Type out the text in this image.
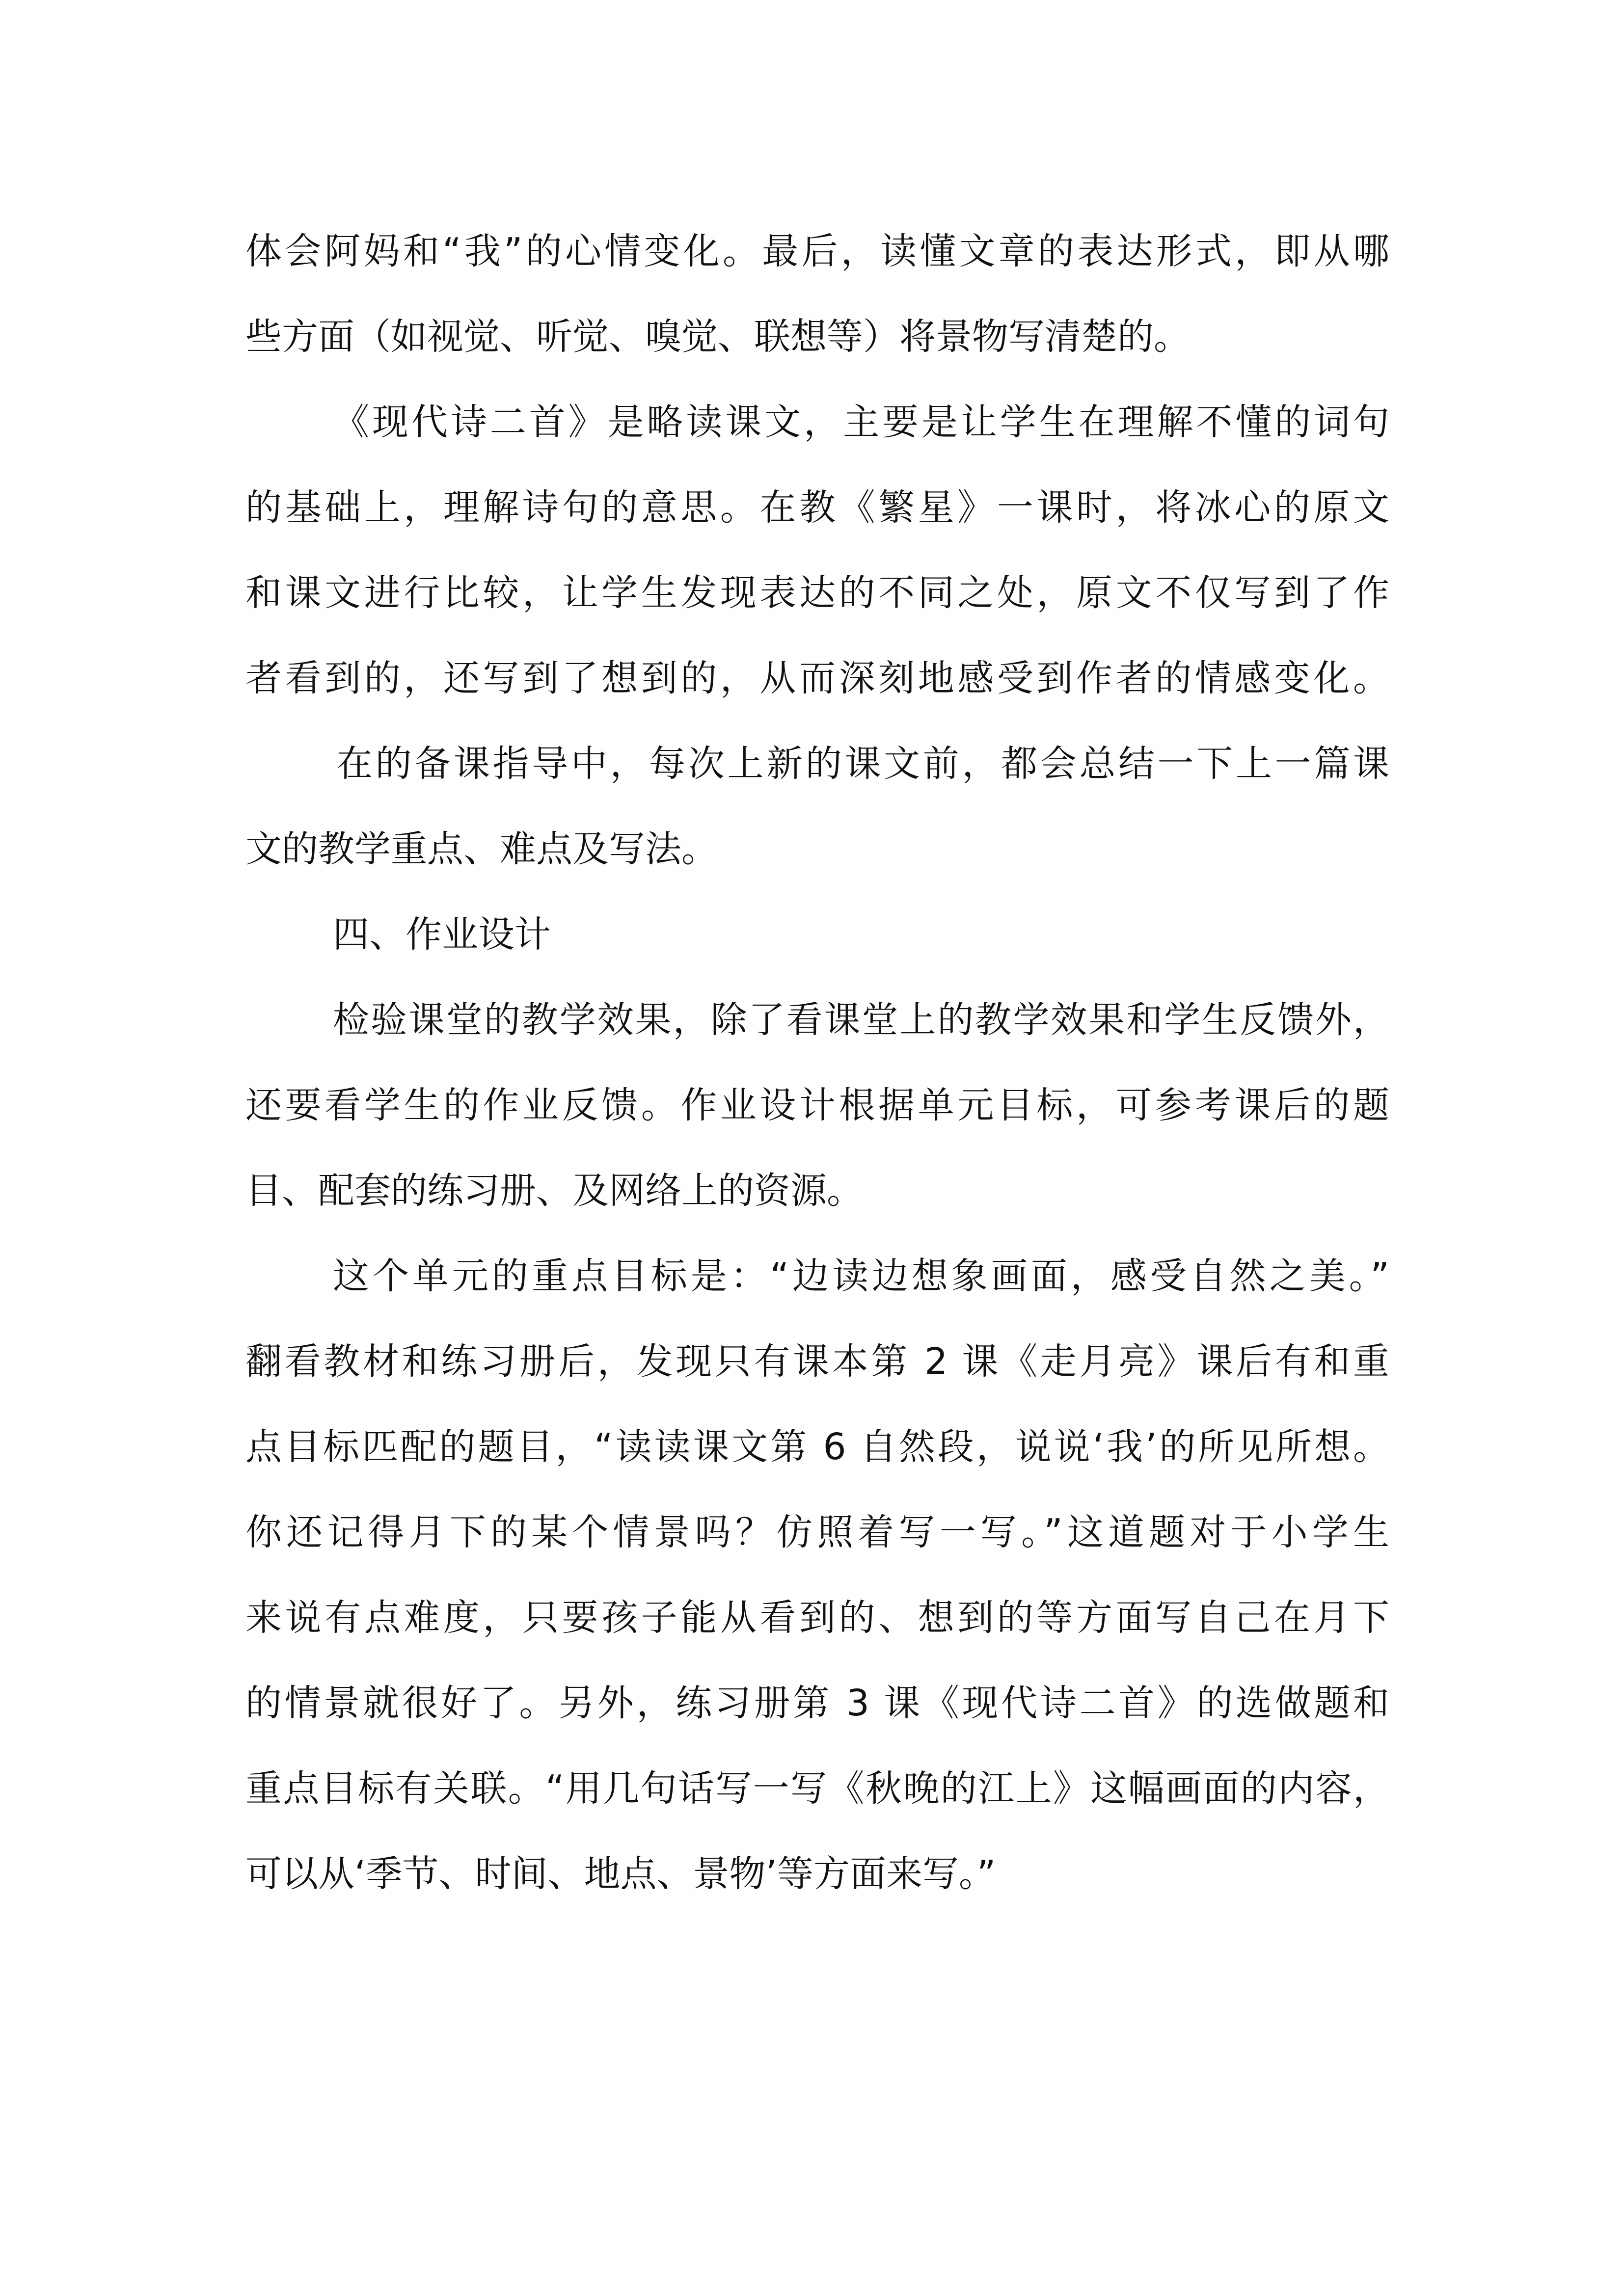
体会阿妈和“我”的心情变化。最后，读懂文章的表达形式，即从哪
些方面（如视觉、听觉、嗅觉、联想等）将景物写清楚的。
《现代诗二首》是略读课文，主要是让学生在理解不懂的词句
的基础上，理解诗句的意思。在教《繁星》一课时，将冰心的原文
和课文进行比较，让学生发现表达的不同之处，原文不仅写到了作
者看到的，还写到了想到的，从而深刻地感受到作者的情感变化。
在的备课指导中，每次上新的课文前，都会总结一下上一篇课
文的教学重点、难点及写法。
四、作业设计
检验课堂的教学效果，除了看课堂上的教学效果和学生反馈外，
还要看学生的作业反馈。作业设计根据单元目标，可参考课后的题
目、配套的练习册、及网络上的资源。
这个单元的重点目标是：“边读边想象画面，感受自然之美。”
翻看教材和练习册后，发现只有课本第 2 课《走月亮》课后有和重
点目标匹配的题目，“读读课文第 6 自然段，说说‘我’的所见所想。
你还记得月下的某个情景吗？仿照着写一写。”这道题对于小学生
来说有点难度，只要孩子能从看到的、想到的等方面写自己在月下
的情景就很好了。另外，练习册第 3 课《现代诗二首》的选做题和
重点目标有关联。“用几句话写一写《秋晚的江上》这幅画面的内容，
可以从‘季节、时间、地点、景物’等方面来写。”
